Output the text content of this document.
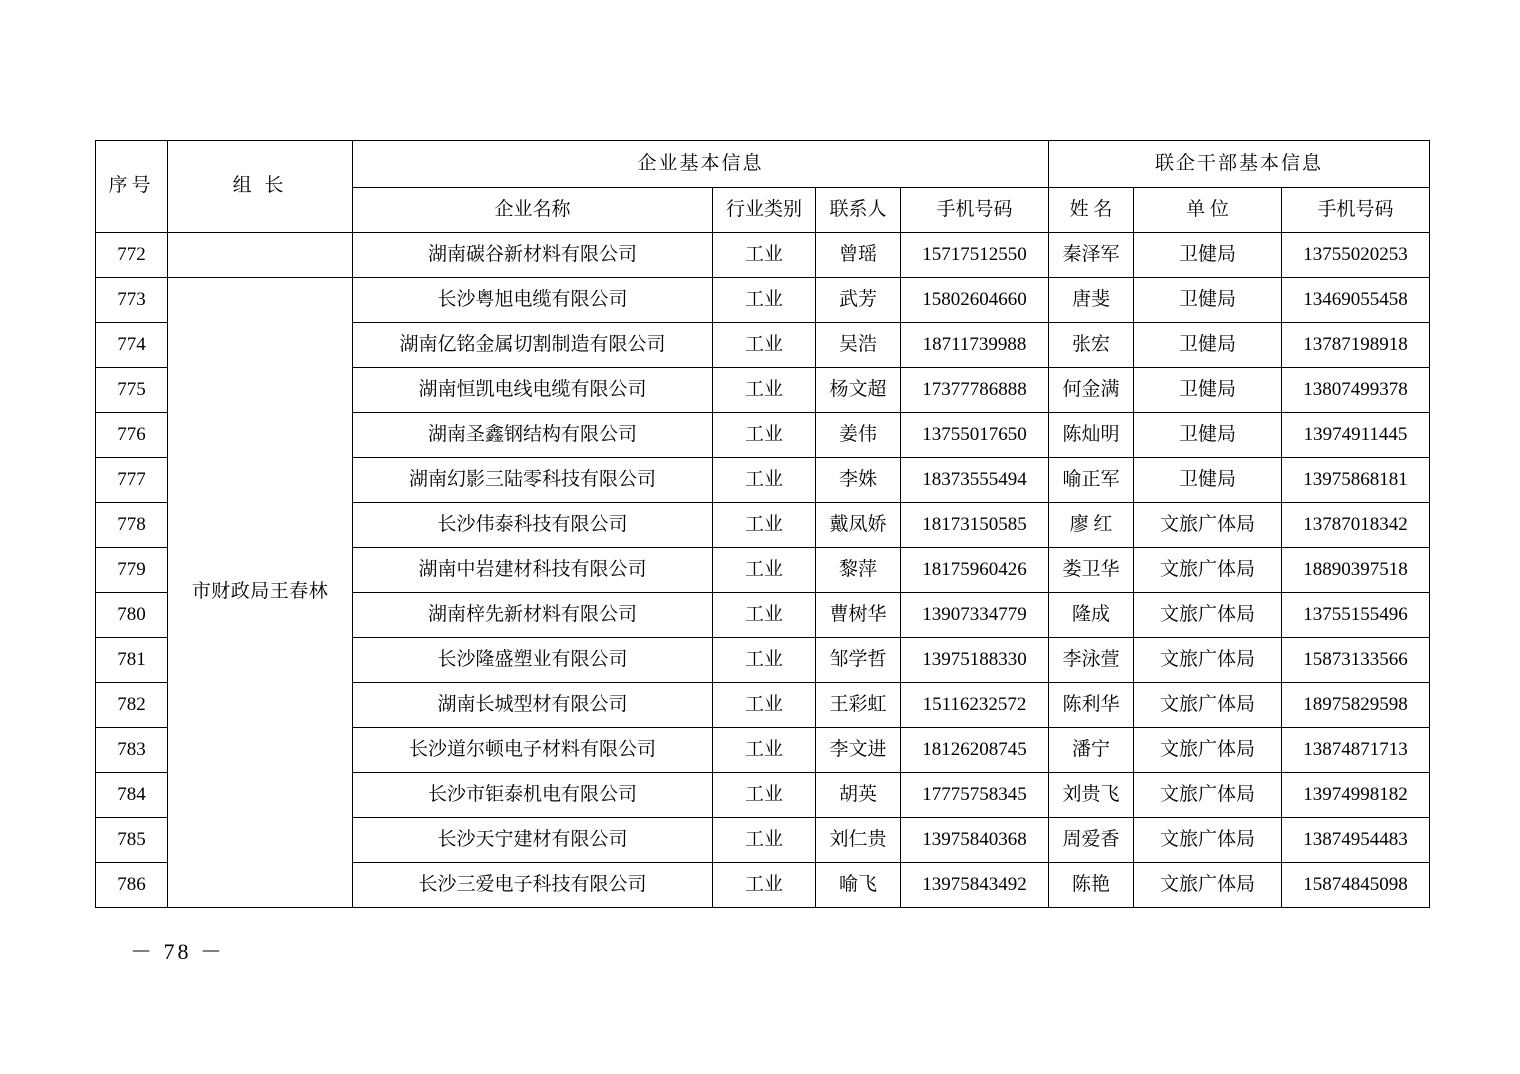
序号	组 长	企业基本信息				联企干部基本信息		
		企业名称	行业类别	联系人	手机号码	姓 名	单 位	手机号码
772		湖南碳谷新材料有限公司	工业	曾瑶	15717512550	秦泽军	卫健局	13755020253
773	市财政局王春林	长沙粤旭电缆有限公司	工业	武芳	15802604660	唐斐	卫健局	13469055458
774		湖南亿铭金属切割制造有限公司	工业	吴浩	18711739988	张宏	卫健局	13787198918
775		湖南恒凯电线电缆有限公司	工业	杨文超	17377786888	何金满	卫健局	13807499378
776		湖南圣鑫钢结构有限公司	工业	姜伟	13755017650	陈灿明	卫健局	13974911445
777		湖南幻影三陆零科技有限公司	工业	李姝	18373555494	喻正军	卫健局	13975868181
778		长沙伟泰科技有限公司	工业	戴凤娇	18173150585	廖 红	文旅广体局	13787018342
779		湖南中岩建材科技有限公司	工业	黎萍	18175960426	娄卫华	文旅广体局	18890397518
780		湖南梓先新材料有限公司	工业	曹树华	13907334779	隆成	文旅广体局	13755155496
781		长沙隆盛塑业有限公司	工业	邹学哲	13975188330	李泳萱	文旅广体局	15873133566
782		湖南长城型材有限公司	工业	王彩虹	15116232572	陈利华	文旅广体局	18975829598
783		长沙道尔顿电子材料有限公司	工业	李文进	18126208745	潘宁	文旅广体局	13874871713
784		长沙市钜泰机电有限公司	工业	胡英	17775758345	刘贵飞	文旅广体局	13974998182
785		长沙天宁建材有限公司	工业	刘仁贵	13975840368	周爱香	文旅广体局	13874954483
786		长沙三爱电子科技有限公司	工业	喻飞	13975843492	陈艳	文旅广体局	15874845098
－ 78 －
